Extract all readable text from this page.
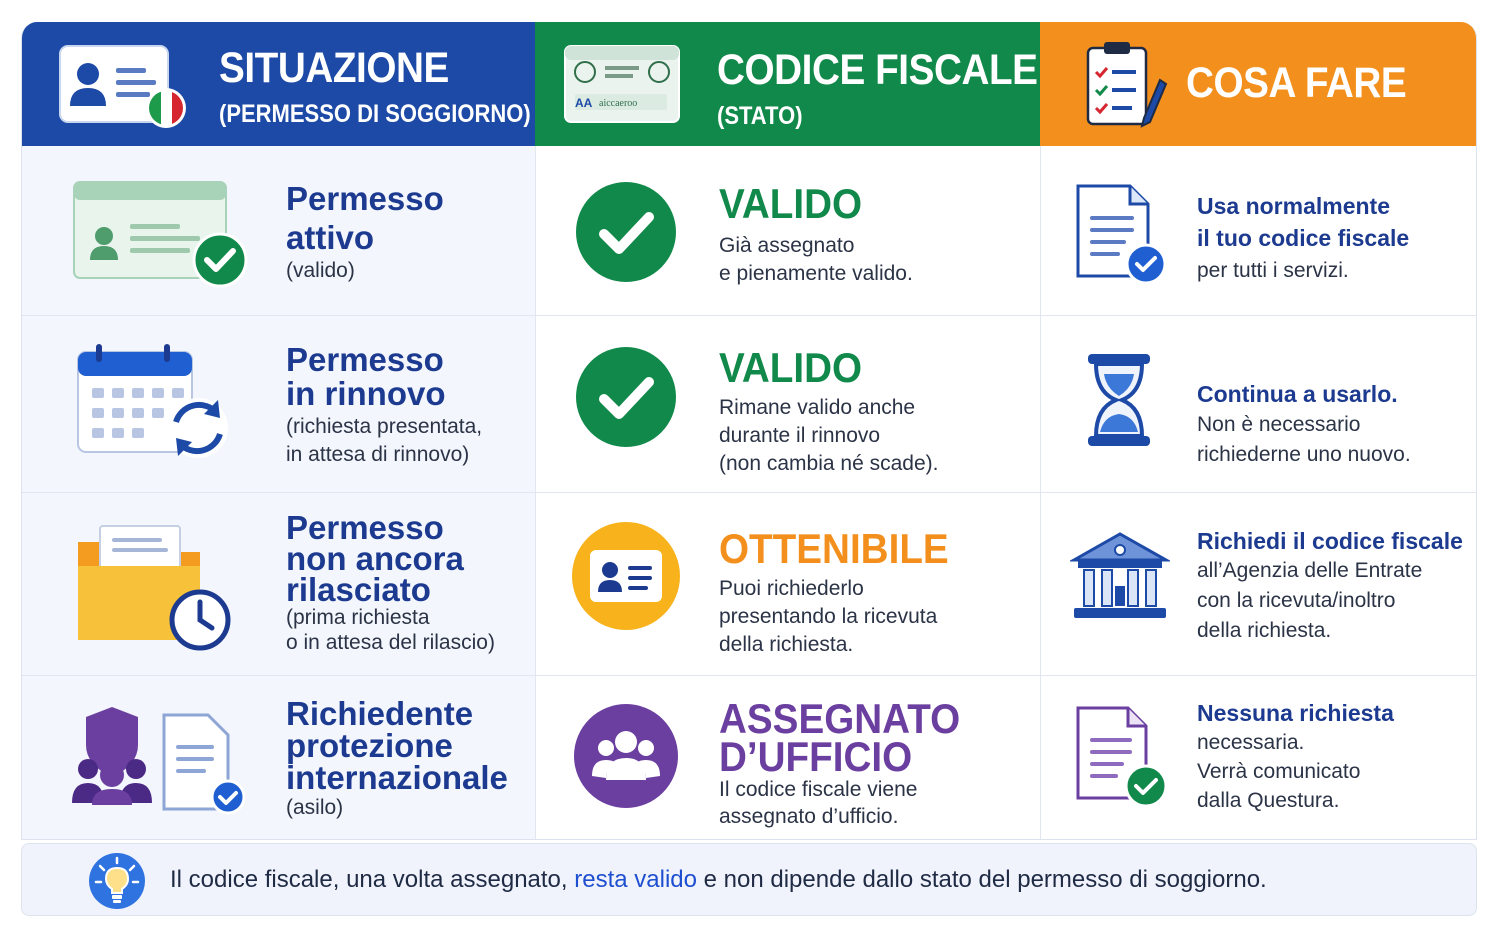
SITUAZIONE
(PERMESSO DI SOGGIORNO)	AA aiccaeroo
CODICE FISCALE
(STATO)
COSA FARE
Permesso
attivo
(valido)
VALIDO
Già assegnato
e pienamente valido.
Usa normalmente
il tuo codice fiscale
per tutti i servizi.
Permesso
in rinnovo
(richiesta presentata,
in attesa di rinnovo)
VALIDO
Rimane valido anche
durante il rinnovo
(non cambia né scade).
Continua a usarlo.
Non è necessario
richiederne uno nuovo.
Permesso
non ancora
rilasciato
(prima richiesta
o in attesa del rilascio)
OTTENIBILE
Puoi richiederlo
presentando la ricevuta
della richiesta.
Richiedi il codice fiscale
all’Agenzia delle Entrate
con la ricevuta/inoltro
della richiesta.
Richiedente
protezione
internazionale
(asilo)
ASSEGNATO
D’UFFICIO
Il codice fiscale viene
assegnato d’ufficio.
Nessuna richiesta
necessaria.
Verrà comunicato
dalla Questura.
Il codice fiscale, una volta assegnato, resta valido e non dipende dallo stato del permesso di soggiorno.
